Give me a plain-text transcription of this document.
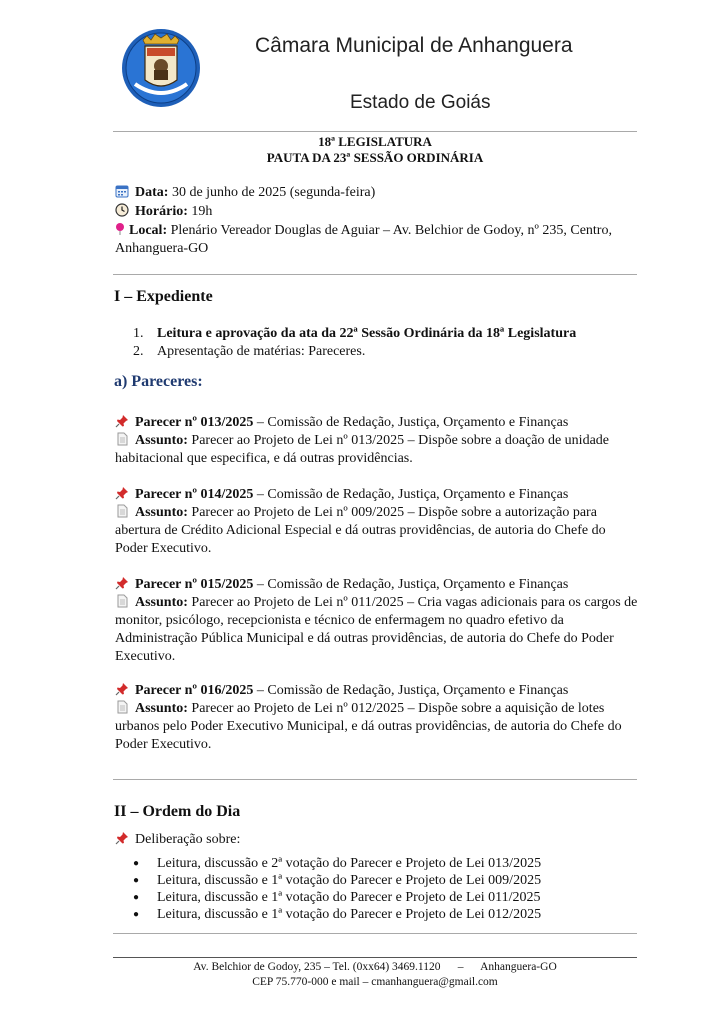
Câmara Municipal de Anhanguera
Estado de Goiás
18ª LEGISLATURA
PAUTA DA 23ª SESSÃO ORDINÁRIA
Data: 30 de junho de 2025 (segunda-feira)
Horário: 19h
Local: Plenário Vereador Douglas de Aguiar – Av. Belchior de Godoy, nº 235, Centro, Anhanguera-GO
I – Expediente
1. Leitura e aprovação da ata da 22ª Sessão Ordinária da 18ª Legislatura
2. Apresentação de matérias: Pareceres.
a) Pareceres:
Parecer nº 013/2025 – Comissão de Redação, Justiça, Orçamento e Finanças
Assunto: Parecer ao Projeto de Lei nº 013/2025 – Dispõe sobre a doação de unidade habitacional que especifica, e dá outras providências.
Parecer nº 014/2025 – Comissão de Redação, Justiça, Orçamento e Finanças
Assunto: Parecer ao Projeto de Lei nº 009/2025 – Dispõe sobre a autorização para abertura de Crédito Adicional Especial e dá outras providências, de autoria do Chefe do Poder Executivo.
Parecer nº 015/2025 – Comissão de Redação, Justiça, Orçamento e Finanças
Assunto: Parecer ao Projeto de Lei nº 011/2025 – Cria vagas adicionais para os cargos de monitor, psicólogo, recepcionista e técnico de enfermagem no quadro efetivo da Administração Pública Municipal e dá outras providências, de autoria do Chefe do Poder Executivo.
Parecer nº 016/2025 – Comissão de Redação, Justiça, Orçamento e Finanças
Assunto: Parecer ao Projeto de Lei nº 012/2025 – Dispõe sobre a aquisição de lotes urbanos pelo Poder Executivo Municipal, e dá outras providências, de autoria do Chefe do Poder Executivo.
II – Ordem do Dia
Deliberação sobre:
● Leitura, discussão e 2ª votação do Parecer e Projeto de Lei 013/2025
● Leitura, discussão e 1ª votação do Parecer e Projeto de Lei 009/2025
● Leitura, discussão e 1ª votação do Parecer e Projeto de Lei 011/2025
● Leitura, discussão e 1ª votação do Parecer e Projeto de Lei 012/2025
Av. Belchior de Godoy, 235 – Tel. (0xx64) 3469.1120      –      Anhanguera-GO
CEP 75.770-000 e mail – cmanhanguera@gmail.com
